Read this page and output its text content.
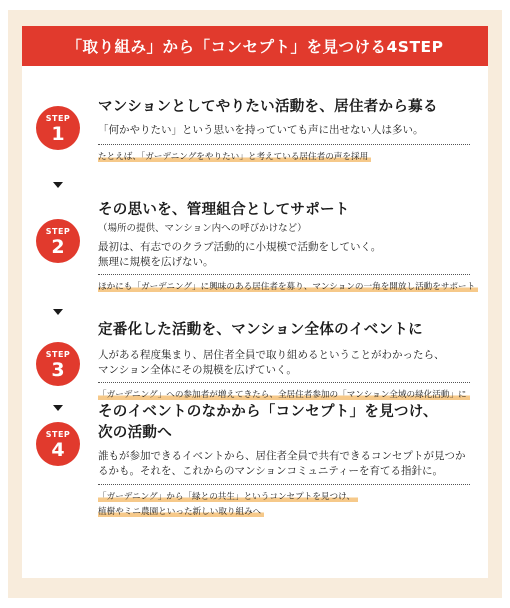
「取り組み」から「コンセプト」を見つける4STEP
STEP
1
マンションとしてやりたい活動を、居住者から募る
「何かやりたい」という思いを持っていても声に出せない人は多い。
たとえば、「ガーデニングをやりたい」と考えている居住者の声を採用
STEP
2
その思いを、管理組合としてサポート
（場所の提供、マンション内への呼びかけなど）
最初は、有志でのクラブ活動的に小規模で活動をしていく。
無理に規模を広げない。
ほかにも「ガーデニング」に興味のある居住者を募り、マンションの一角を開放し活動をサポート
STEP
3
定番化した活動を、マンション全体のイベントに
人がある程度集まり、居住者全員で取り組めるということがわかったら、
マンション全体にその規模を広げていく。
「ガーデニング」への参加者が増えてきたら、全居住者参加の「マンション全域の緑化活動」に
STEP
4
そのイベントのなかから「コンセプト」を見つけ、
次の活動へ
誰もが参加できるイベントから、居住者全員で共有できるコンセプトが見つか
るかも。それを、これからのマンションコミュニティーを育てる指針に。
「ガーデニング」から「緑との共生」というコンセプトを見つけ、
植樹やミニ農園といった新しい取り組みへ
